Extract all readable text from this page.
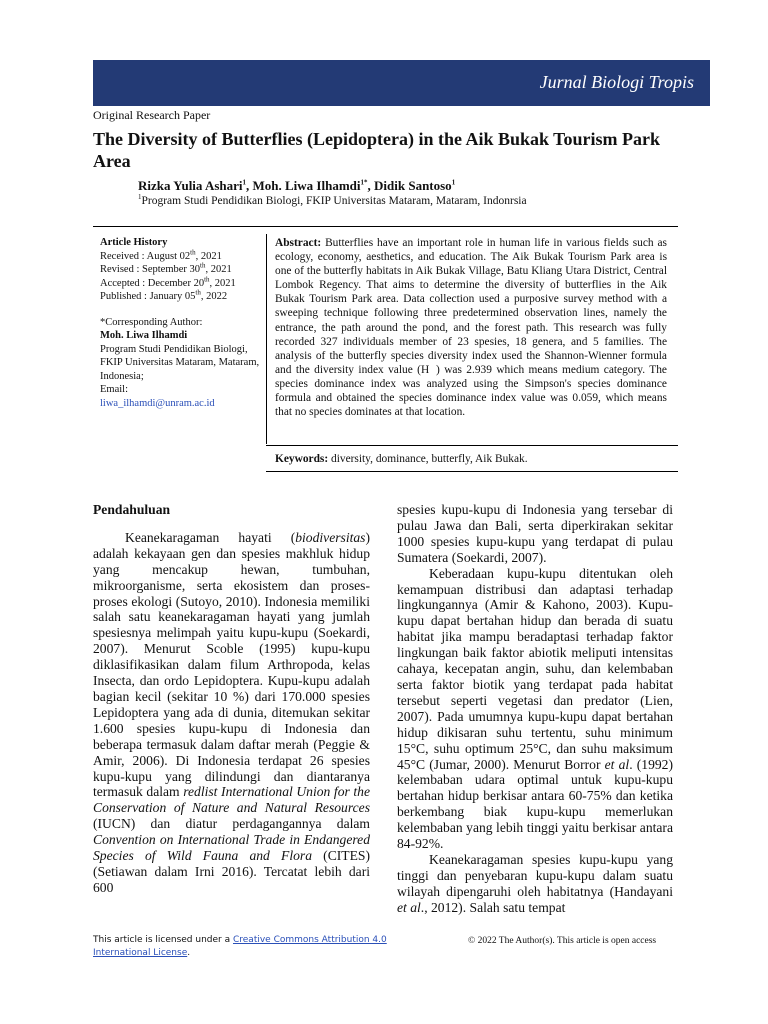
Jurnal Biologi Tropis
Original Research Paper
The Diversity of Butterflies (Lepidoptera) in the Aik Bukak Tourism Park Area
Rizka Yulia Ashari$^1$, Moh. Liwa Ilhamdi$^{1*}$, Didik Santoso$^1$
$^1$Program Studi Pendidikan Biologi, FKIP Universitas Mataram, Mataram, Indonrsia
Article History
Received : August 02th, 2021
Revised : September 30th, 2021
Accepted : December 20th, 2021
Published : January 05th, 2022
*Corresponding Author:
Moh. Liwa Ilhamdi
Program Studi Pendidikan Biologi, FKIP Universitas Mataram, Mataram, Indonesia;
Email:
liwa_ilhamdi@unram.ac.id
Abstract: Butterflies have an important role in human life in various fields such as ecology, economy, aesthetics, and education. The Aik Bukak Tourism Park area is one of the butterfly habitats in Aik Bukak Village, Batu Kliang Utara District, Central Lombok Regency. That aims to determine the diversity of butterflies in the Aik Bukak Tourism Park area. Data collection used a purposive survey method with a sweeping technique following three predetermined observation lines, namely the entrance, the path around the pond, and the forest path. This research was fully recorded 327 individuals member of 23 spesies, 18 genera, and 5 families. The analysis of the butterfly species diversity index used the Shannon-Wienner formula and the diversity index value (H   ) was 2.939 which means medium category. The species dominance index was analyzed using the Simpson's species dominance formula and obtained the species dominance index value was 0.059, which means that no species dominates at that location.
Keywords: diversity, dominance, butterfly, Aik Bukak.
Pendahuluan

Keanekaragaman hayati (biodiversitas) adalah kekayaan gen dan spesies makhluk hidup yang mencakup hewan, tumbuhan, mikroorganisme, serta ekosistem dan proses-proses ekologi (Sutoyo, 2010). Indonesia memiliki salah satu keanekaragaman hayati yang jumlah spesiesnya melimpah yaitu kupu-kupu (Soekardi, 2007). Menurut Scoble (1995) kupu-kupu diklasifikasikan dalam filum Arthropoda, kelas Insecta, dan ordo Lepidoptera. Kupu-kupu adalah bagian kecil (sekitar 10 %) dari 170.000 spesies Lepidoptera yang ada di dunia, ditemukan sekitar 1.600 spesies kupu-kupu di Indonesia dan beberapa termasuk dalam daftar merah (Peggie & Amir, 2006). Di Indonesia terdapat 26 spesies kupu-kupu yang dilindungi dan diantaranya termasuk dalam redlist International Union for the Conservation of Nature and Natural Resources (IUCN) dan diatur perdagangannya dalam Convention on International Trade in Endangered Species of Wild Fauna and Flora (CITES) (Setiawan dalam Irni 2016). Tercatat lebih dari 600

spesies kupu-kupu di Indonesia yang tersebar di pulau Jawa dan Bali, serta diperkirakan sekitar 1000 spesies kupu-kupu yang terdapat di pulau Sumatera (Soekardi, 2007).

Keberadaan kupu-kupu ditentukan oleh kemampuan distribusi dan adaptasi terhadap lingkungannya (Amir & Kahono, 2003). Kupu-kupu dapat bertahan hidup dan berada di suatu habitat jika mampu beradaptasi terhadap faktor lingkungan baik faktor abiotik meliputi intensitas cahaya, kecepatan angin, suhu, dan kelembaban serta faktor biotik yang terdapat pada habitat tersebut seperti vegetasi dan predator (Lien, 2007). Pada umumnya kupu-kupu dapat bertahan hidup dikisaran suhu tertentu, suhu minimum 15°C, suhu optimum 25°C, dan suhu maksimum 45°C (Jumar, 2000). Menurut Borror et al. (1992) kelembaban udara optimal untuk kupu-kupu bertahan hidup berkisar antara 60-75% dan ketika berkembang biak kupu-kupu memerlukan kelembaban yang lebih tinggi yaitu berkisar antara 84-92%.

Keanekaragaman spesies kupu-kupu yang tinggi dan penyebaran kupu-kupu dalam suatu wilayah dipengaruhi oleh habitatnya (Handayani et al., 2012). Salah satu tempat

This article is licensed under a Creative Commons Attribution 4.0 International License.
© 2022 The Author(s). This article is open access
